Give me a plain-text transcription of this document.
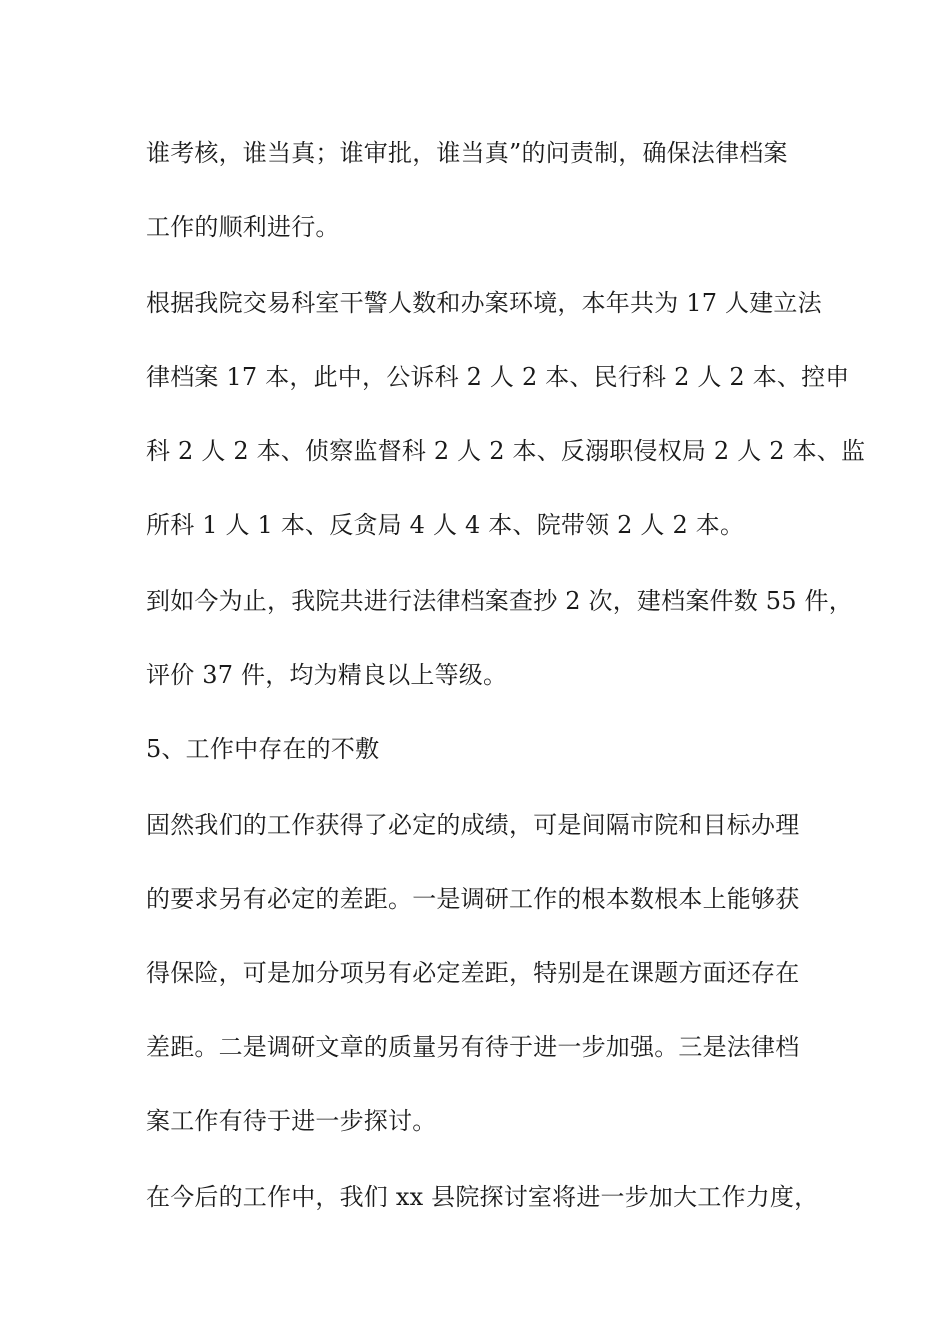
谁考核，谁当真；谁审批，谁当真”的问责制，确保法律档案
工作的顺利进行。
根据我院交易科室干警人数和办案环境，本年共为 17 人建立法
律档案 17 本，此中，公诉科 2 人 2 本、民行科 2 人 2 本、控申
科 2 人 2 本、侦察监督科 2 人 2 本、反溺职侵权局 2 人 2 本、监
所科 1 人 1 本、反贪局 4 人 4 本、院带领 2 人 2 本。
到如今为止，我院共进行法律档案查抄 2 次，建档案件数 55 件，
评价 37 件，均为精良以上等级。
5、工作中存在的不敷
固然我们的工作获得了必定的成绩，可是间隔市院和目标办理
的要求另有必定的差距。一是调研工作的根本数根本上能够获
得保险，可是加分项另有必定差距，特别是在课题方面还存在
差距。二是调研文章的质量另有待于进一步加强。三是法律档
案工作有待于进一步探讨。
在今后的工作中，我们 xx 县院探讨室将进一步加大工作力度，
